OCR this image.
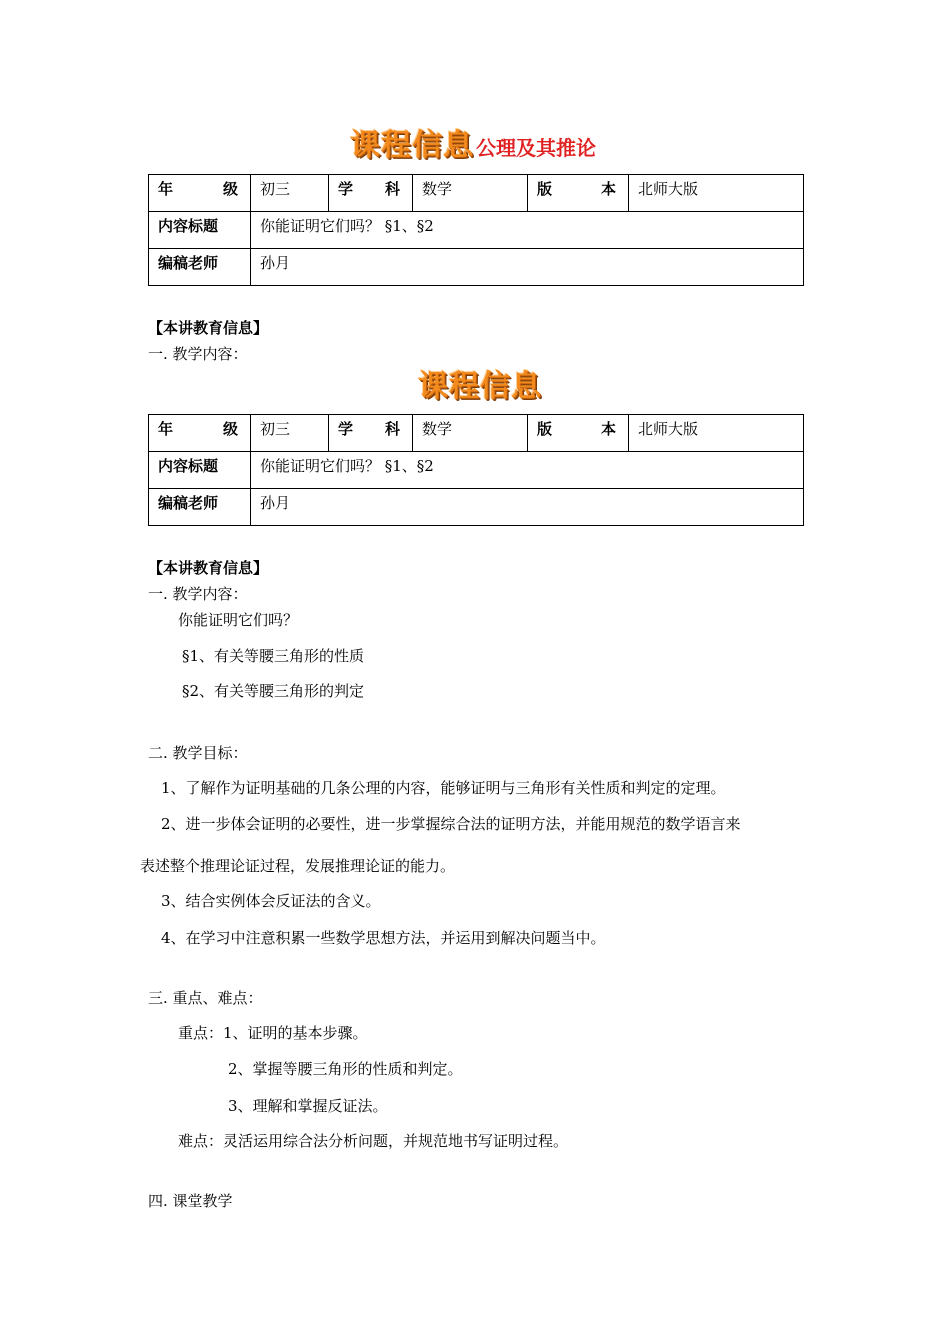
课程信息 公理及其推论
年 级	初三	学 科	数学	版 本	北师大版
内容标题	你能证明它们吗？ §1、§2				
编稿老师	孙月				
【本讲教育信息】
一. 教学内容：
课程信息
年 级	初三	学 科	数学	版 本	北师大版
内容标题	你能证明它们吗？ §1、§2				
编稿老师	孙月				
【本讲教育信息】
一. 教学内容：
你能证明它们吗？
§1、有关等腰三角形的性质
§2、有关等腰三角形的判定
二. 教学目标：
1、了解作为证明基础的几条公理的内容，能够证明与三角形有关性质和判定的定理。
2、进一步体会证明的必要性，进一步掌握综合法的证明方法，并能用规范的数学语言来
表述整个推理论证过程，发展推理论证的能力。
3、结合实例体会反证法的含义。
4、在学习中注意积累一些数学思想方法，并运用到解决问题当中。
三. 重点、难点：
重点：1、证明的基本步骤。
2、掌握等腰三角形的性质和判定。
3、理解和掌握反证法。
难点：灵活运用综合法分析问题，并规范地书写证明过程。
四. 课堂教学
